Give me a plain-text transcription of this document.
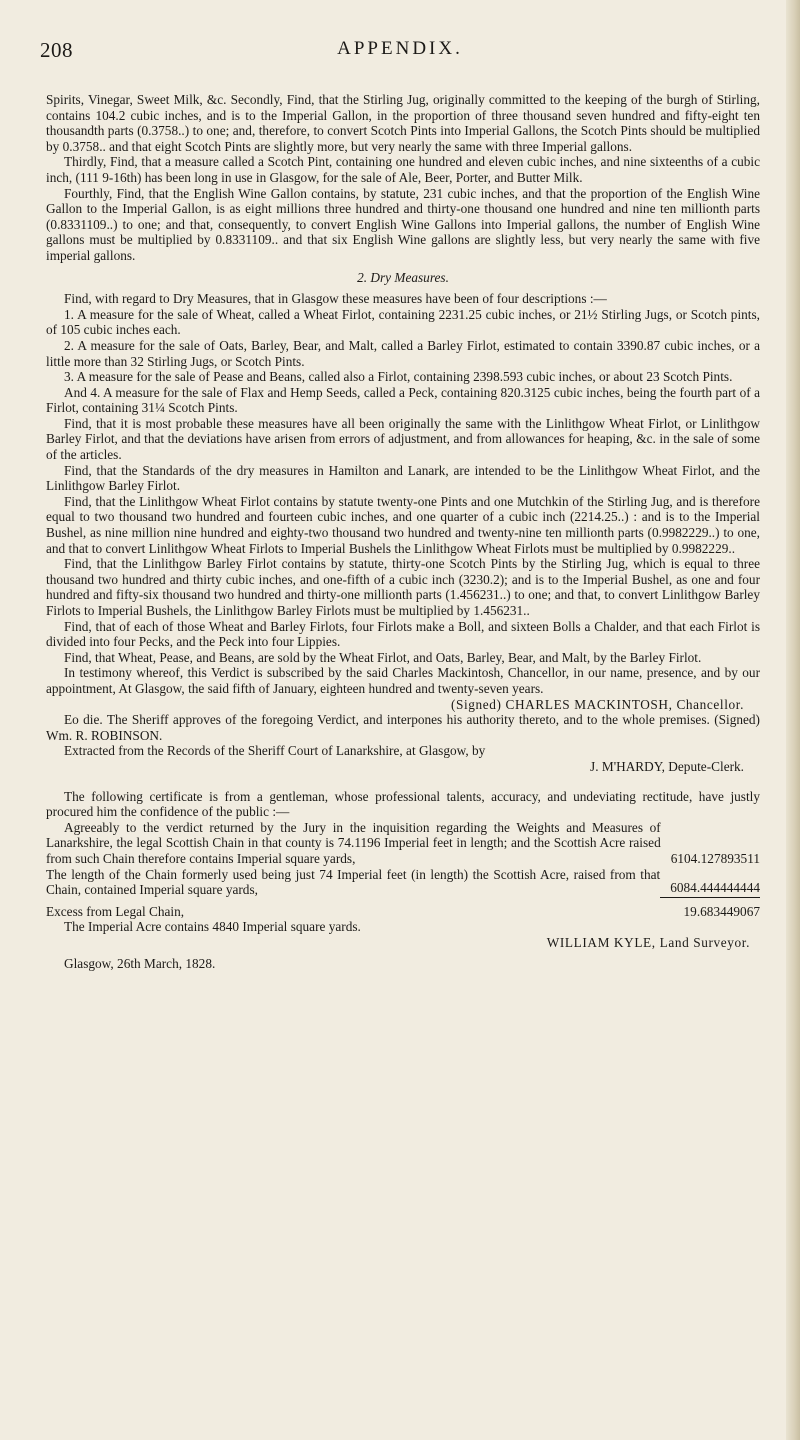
208	APPENDIX.

Spirits, Vinegar, Sweet Milk, &c. Secondly, Find, that the Stirling Jug, originally committed to the keeping of the burgh of Stirling, contains 104.2 cubic inches, and is to the Imperial Gallon, in the proportion of three thousand seven hundred and fifty-eight ten thousandth parts (0.3758..) to one; and, therefore, to convert Scotch Pints into Imperial Gallons, the Scotch Pints should be multiplied by 0.3758.. and that eight Scotch Pints are slightly more, but very nearly the same with three Imperial gallons.

Thirdly, Find, that a measure called a Scotch Pint, containing one hundred and eleven cubic inches, and nine sixteenths of a cubic inch, (111 9-16th) has been long in use in Glasgow, for the sale of Ale, Beer, Porter, and Butter Milk.

Fourthly, Find, that the English Wine Gallon contains, by statute, 231 cubic inches, and that the proportion of the English Wine Gallon to the Imperial Gallon, is as eight millions three hundred and thirty-one thousand one hundred and nine ten millionth parts (0.8331109..) to one; and that, consequently, to convert English Wine Gallons into Imperial gallons, the number of English Wine gallons must be multiplied by 0.8331109.. and that six English Wine gallons are slightly less, but very nearly the same with five imperial gallons.

2. Dry Measures.

Find, with regard to Dry Measures, that in Glasgow these measures have been of four descriptions :—

1. A measure for the sale of Wheat, called a Wheat Firlot, containing 2231.25 cubic inches, or 21½ Stirling Jugs, or Scotch pints, of 105 cubic inches each.

2. A measure for the sale of Oats, Barley, Bear, and Malt, called a Barley Firlot, estimated to contain 3390.87 cubic inches, or a little more than 32 Stirling Jugs, or Scotch Pints.

3. A measure for the sale of Pease and Beans, called also a Firlot, containing 2398.593 cubic inches, or about 23 Scotch Pints.

And 4. A measure for the sale of Flax and Hemp Seeds, called a Peck, containing 820.3125 cubic inches, being the fourth part of a Firlot, containing 31¼ Scotch Pints.

Find, that it is most probable these measures have all been originally the same with the Linlithgow Wheat Firlot, or Linlithgow Barley Firlot, and that the deviations have arisen from errors of adjustment, and from allowances for heaping, &c. in the sale of some of the articles.

Find, that the Standards of the dry measures in Hamilton and Lanark, are intended to be the Linlithgow Wheat Firlot, and the Linlithgow Barley Firlot.

Find, that the Linlithgow Wheat Firlot contains by statute twenty-one Pints and one Mutchkin of the Stirling Jug, and is therefore equal to two thousand two hundred and fourteen cubic inches, and one quarter of a cubic inch (2214.25..) : and is to the Imperial Bushel, as nine million nine hundred and eighty-two thousand two hundred and twenty-nine ten millionth parts (0.9982229..) to one, and that to convert Linlithgow Wheat Firlots to Imperial Bushels the Linlithgow Wheat Firlots must be multiplied by 0.9982229..

Find, that the Linlithgow Barley Firlot contains by statute, thirty-one Scotch Pints by the Stirling Jug, which is equal to three thousand two hundred and thirty cubic inches, and one-fifth of a cubic inch (3230.2); and is to the Imperial Bushel, as one and four hundred and fifty-six thousand two hundred and thirty-one millionth parts (1.456231..) to one; and that, to convert Linlithgow Barley Firlots to Imperial Bushels, the Linlithgow Barley Firlots must be multiplied by 1.456231..

Find, that of each of those Wheat and Barley Firlots, four Firlots make a Boll, and sixteen Bolls a Chalder, and that each Firlot is divided into four Pecks, and the Peck into four Lippies.

Find, that Wheat, Pease, and Beans, are sold by the Wheat Firlot, and Oats, Barley, Bear, and Malt, by the Barley Firlot.

In testimony whereof, this Verdict is subscribed by the said Charles Mackintosh, Chancellor, in our name, presence, and by our appointment, At Glasgow, the said fifth of January, eighteen hundred and twenty-seven years.

(Signed) CHARLES MACKINTOSH, Chancellor.

Eo die. The Sheriff approves of the foregoing Verdict, and interpones his authority thereto, and to the whole premises. (Signed) Wm. R. ROBINSON.

Extracted from the Records of the Sheriff Court of Lanarkshire, at Glasgow, by

J. M'HARDY, Depute-Clerk.

The following certificate is from a gentleman, whose professional talents, accuracy, and undeviating rectitude, have justly procured him the confidence of the public :—

Agreeably to the verdict returned by the Jury in the inquisition regarding the Weights and Measures of Lanarkshire, the legal Scottish Chain in that county is 74.1196 Imperial feet in length; and the Scottish Acre raised from such Chain therefore contains Imperial square yards,	6104.127893511

The length of the Chain formerly used being just 74 Imperial feet (in length) the Scottish Acre, raised from that Chain, contained Imperial square yards,	6084.444444444

Excess from Legal Chain,	19.683449067

The Imperial Acre contains 4840 Imperial square yards.

WILLIAM KYLE, Land Surveyor.

Glasgow, 26th March, 1828.
